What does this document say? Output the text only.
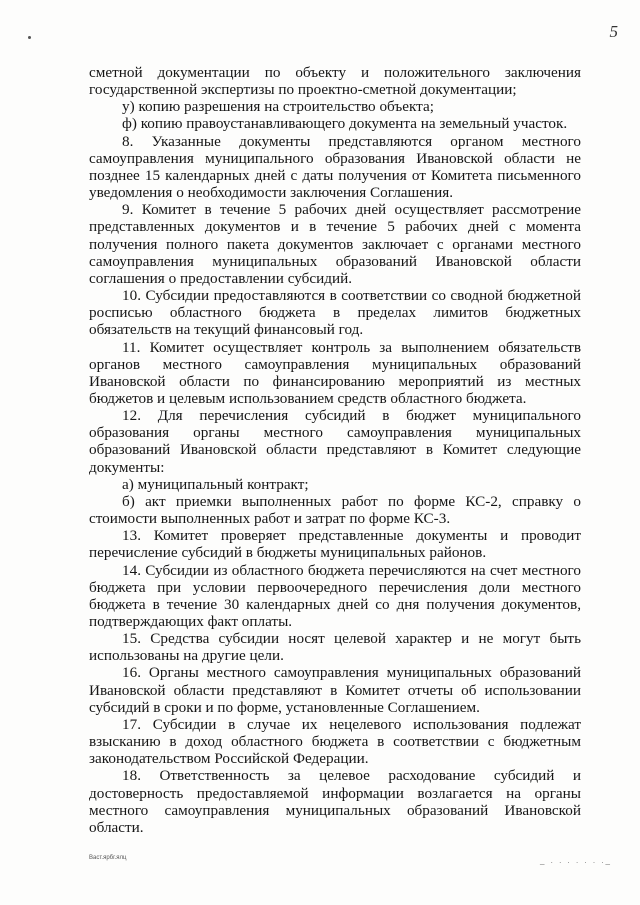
5

сметной документации по объекту и положительного заключения государственной экспертизы по проектно-сметной документации;

у) копию разрешения на строительство объекта;

ф) копию правоустанавливающего документа на земельный участок.

8. Указанные документы представляются органом местного самоуправления муниципального образования Ивановской области не позднее 15 календарных дней с даты получения от Комитета письменного уведомления о необходимости заключения Соглашения.

9. Комитет в течение 5 рабочих дней осуществляет рассмотрение представленных документов и в течение 5 рабочих дней с момента получения полного пакета документов заключает с органами местного самоуправления муниципальных образований Ивановской области соглашения о предоставлении субсидий.

10. Субсидии предоставляются в соответствии со сводной бюджетной росписью областного бюджета в пределах лимитов бюджетных обязательств на текущий финансовый год.

11. Комитет осуществляет контроль за выполнением обязательств органов местного самоуправления муниципальных образований Ивановской области по финансированию мероприятий из местных бюджетов и целевым использованием средств областного бюджета.

12. Для перечисления субсидий в бюджет муниципального образования органы местного самоуправления муниципальных образований Ивановской области представляют в Комитет следующие документы:

а) муниципальный контракт;

б) акт приемки выполненных работ по форме КС-2, справку о стоимости выполненных работ и затрат по форме КС-3.

13. Комитет проверяет представленные документы и проводит перечисление субсидий в бюджеты муниципальных районов.

14. Субсидии из областного бюджета перечисляются на счет местного бюджета при условии первоочередного перечисления доли местного бюджета в течение 30 календарных дней со дня получения документов, подтверждающих факт оплаты.

15. Средства субсидии носят целевой характер и не могут быть использованы на другие цели.

16. Органы местного самоуправления муниципальных образований Ивановской области представляют в Комитет отчеты об использовании субсидий в сроки и по форме, установленные Соглашением.

17. Субсидии в случае их нецелевого использования подлежат взысканию в доход областного бюджета в соответствии с бюджетным законодательством Российской Федерации.

18. Ответственность за целевое расходование субсидий и достоверность предоставляемой информации возлагается на органы местного самоуправления муниципальных образований Ивановской области.

Васт.ярбг.ялц	_ . . . . . . ._
